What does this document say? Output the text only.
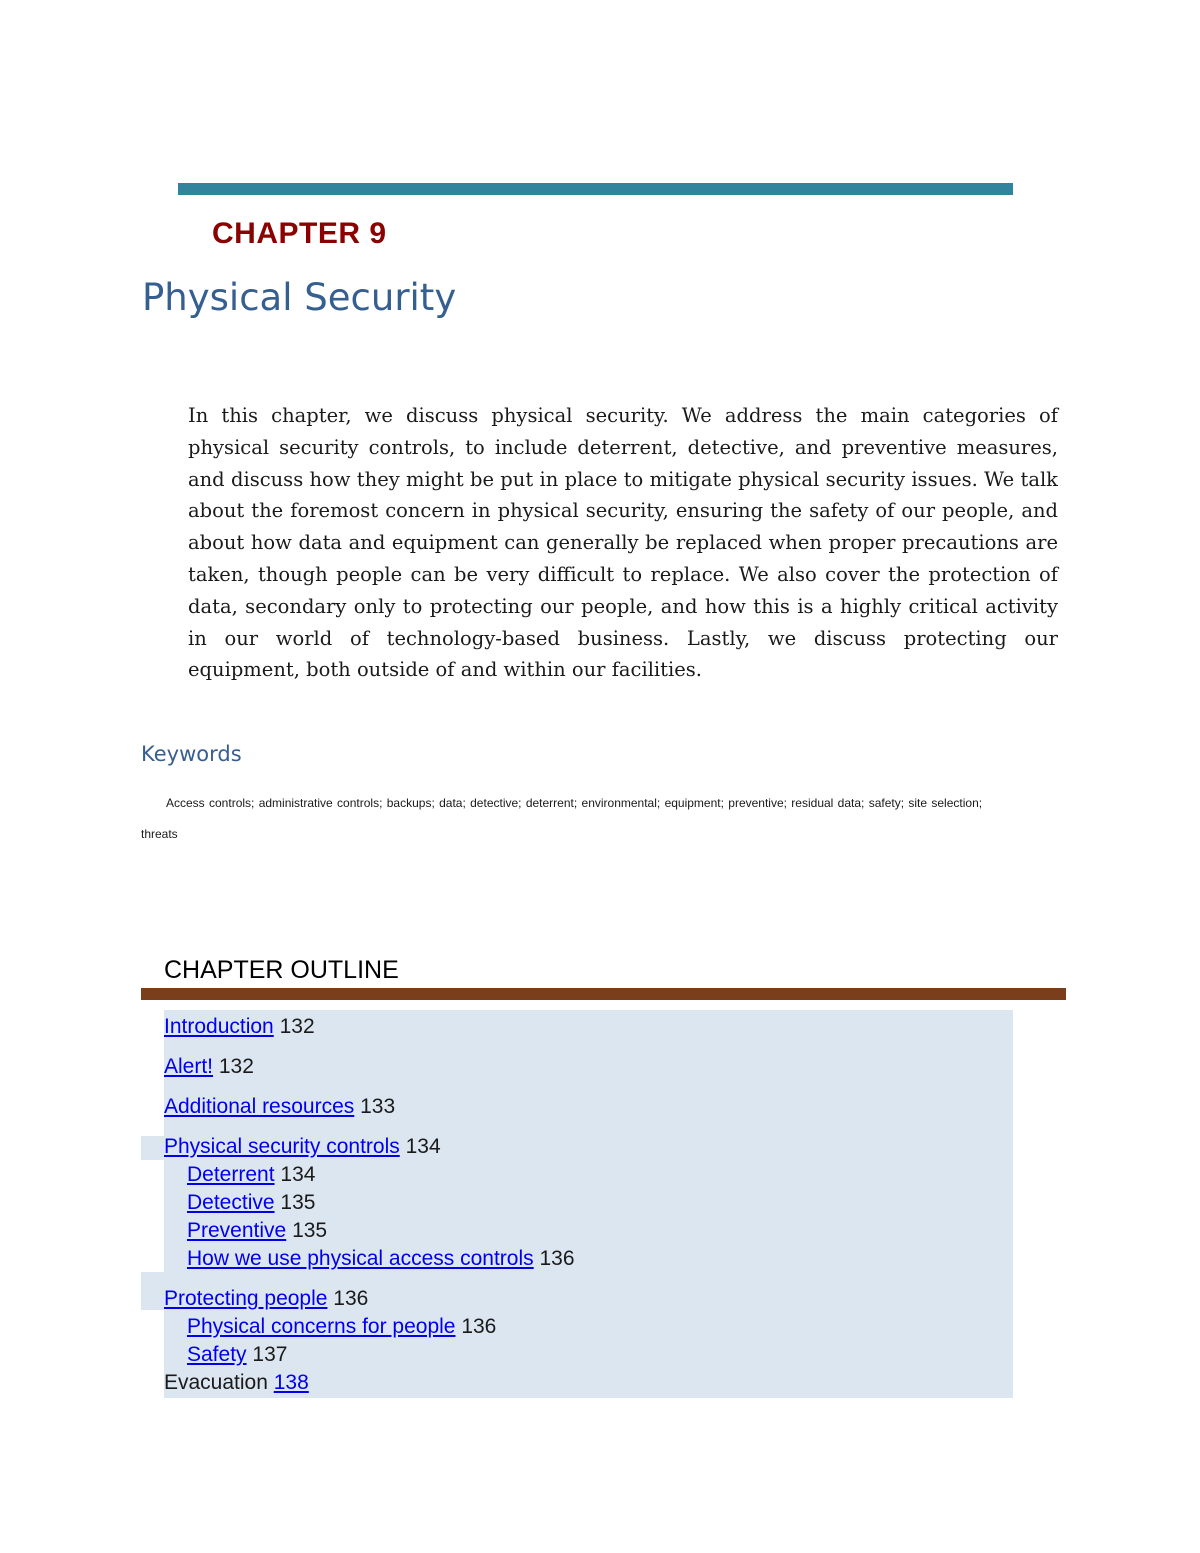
CHAPTER 9
Physical Security

In this chapter, we discuss physical security. We address the main categories of physical security controls, to include deterrent, detective, and preventive measures, and discuss how they might be put in place to mitigate physical security issues. We talk about the foremost concern in physical security, ensuring the safety of our people, and about how data and equipment can generally be replaced when proper precautions are taken, though people can be very difficult to replace. We also cover the protection of data, secondary only to protecting our people, and how this is a highly critical activity in our world of technology-based business. Lastly, we discuss protecting our equipment, both outside of and within our facilities.

Keywords

Access controls; administrative controls; backups; data; detective; deterrent; environmental; equipment; preventive; residual data; safety; site selection; threats

CHAPTER OUTLINE
Introduction 132
Alert! 132
Additional resources 133
Physical security controls 134
Deterrent 134
Detective 135
Preventive 135
How we use physical access controls 136
Protecting people 136
Physical concerns for people 136
Safety 137
Evacuation 138
